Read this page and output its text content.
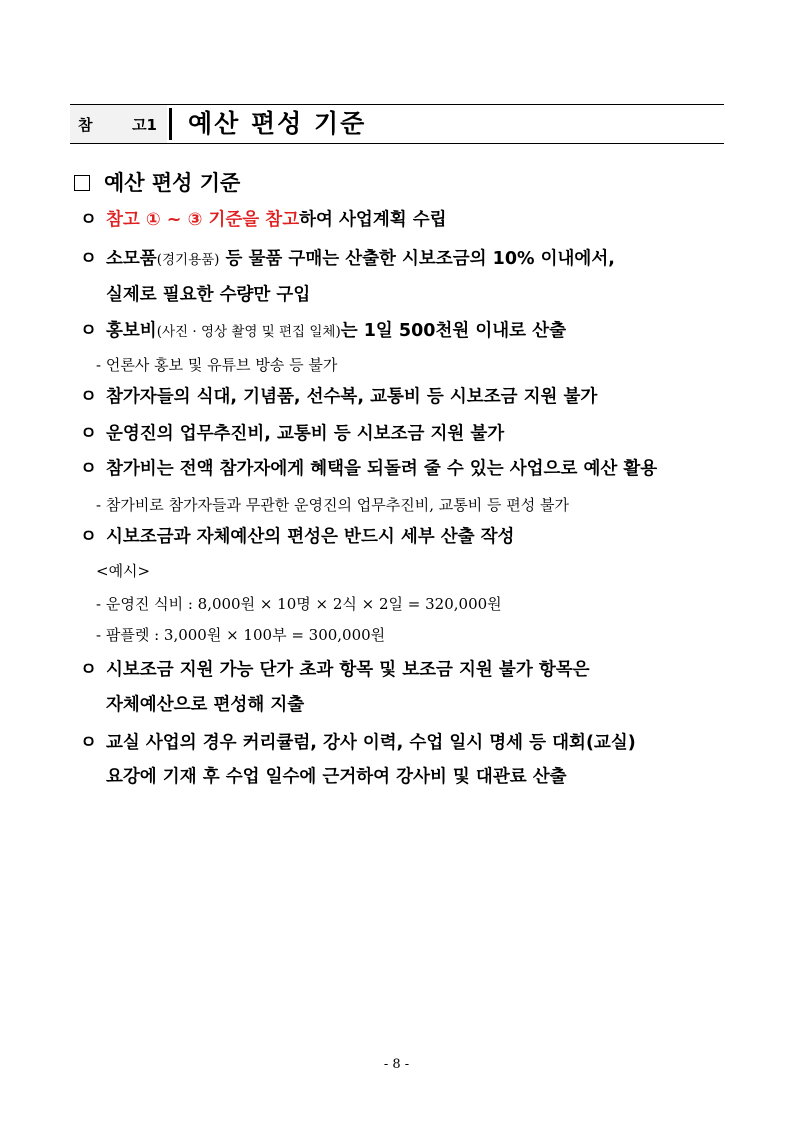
참	고1 예산 편성 기준
예산 편성 기준
ㅇ 참고 ① ~ ③ 기준을 참고하여 사업계획 수립
ㅇ 소모품(경기용품) 등 물품 구매는 산출한 시보조금의 10% 이내에서,
실제로 필요한 수량만 구입
ㅇ 홍보비(사진 · 영상 촬영 및 편집 일체)는 1일 500천원 이내로 산출
- 언론사 홍보 및 유튜브 방송 등 불가
ㅇ 참가자들의 식대, 기념품, 선수복, 교통비 등 시보조금 지원 불가
ㅇ 운영진의 업무추진비, 교통비 등 시보조금 지원 불가
ㅇ 참가비는 전액 참가자에게 혜택을 되돌려 줄 수 있는 사업으로 예산 활용
- 참가비로 참가자들과 무관한 운영진의 업무추진비, 교통비 등 편성 불가
ㅇ 시보조금과 자체예산의 편성은 반드시 세부 산출 작성
<예시>
- 운영진 식비 : 8,000원 × 10명 × 2식 × 2일 = 320,000원
- 팜플렛 : 3,000원 × 100부 = 300,000원
ㅇ 시보조금 지원 가능 단가 초과 항목 및 보조금 지원 불가 항목은
자체예산으로 편성해 지출
ㅇ 교실 사업의 경우 커리큘럼, 강사 이력, 수업 일시 명세 등 대회(교실)
요강에 기재 후 수업 일수에 근거하여 강사비 및 대관료 산출
- 8 -
